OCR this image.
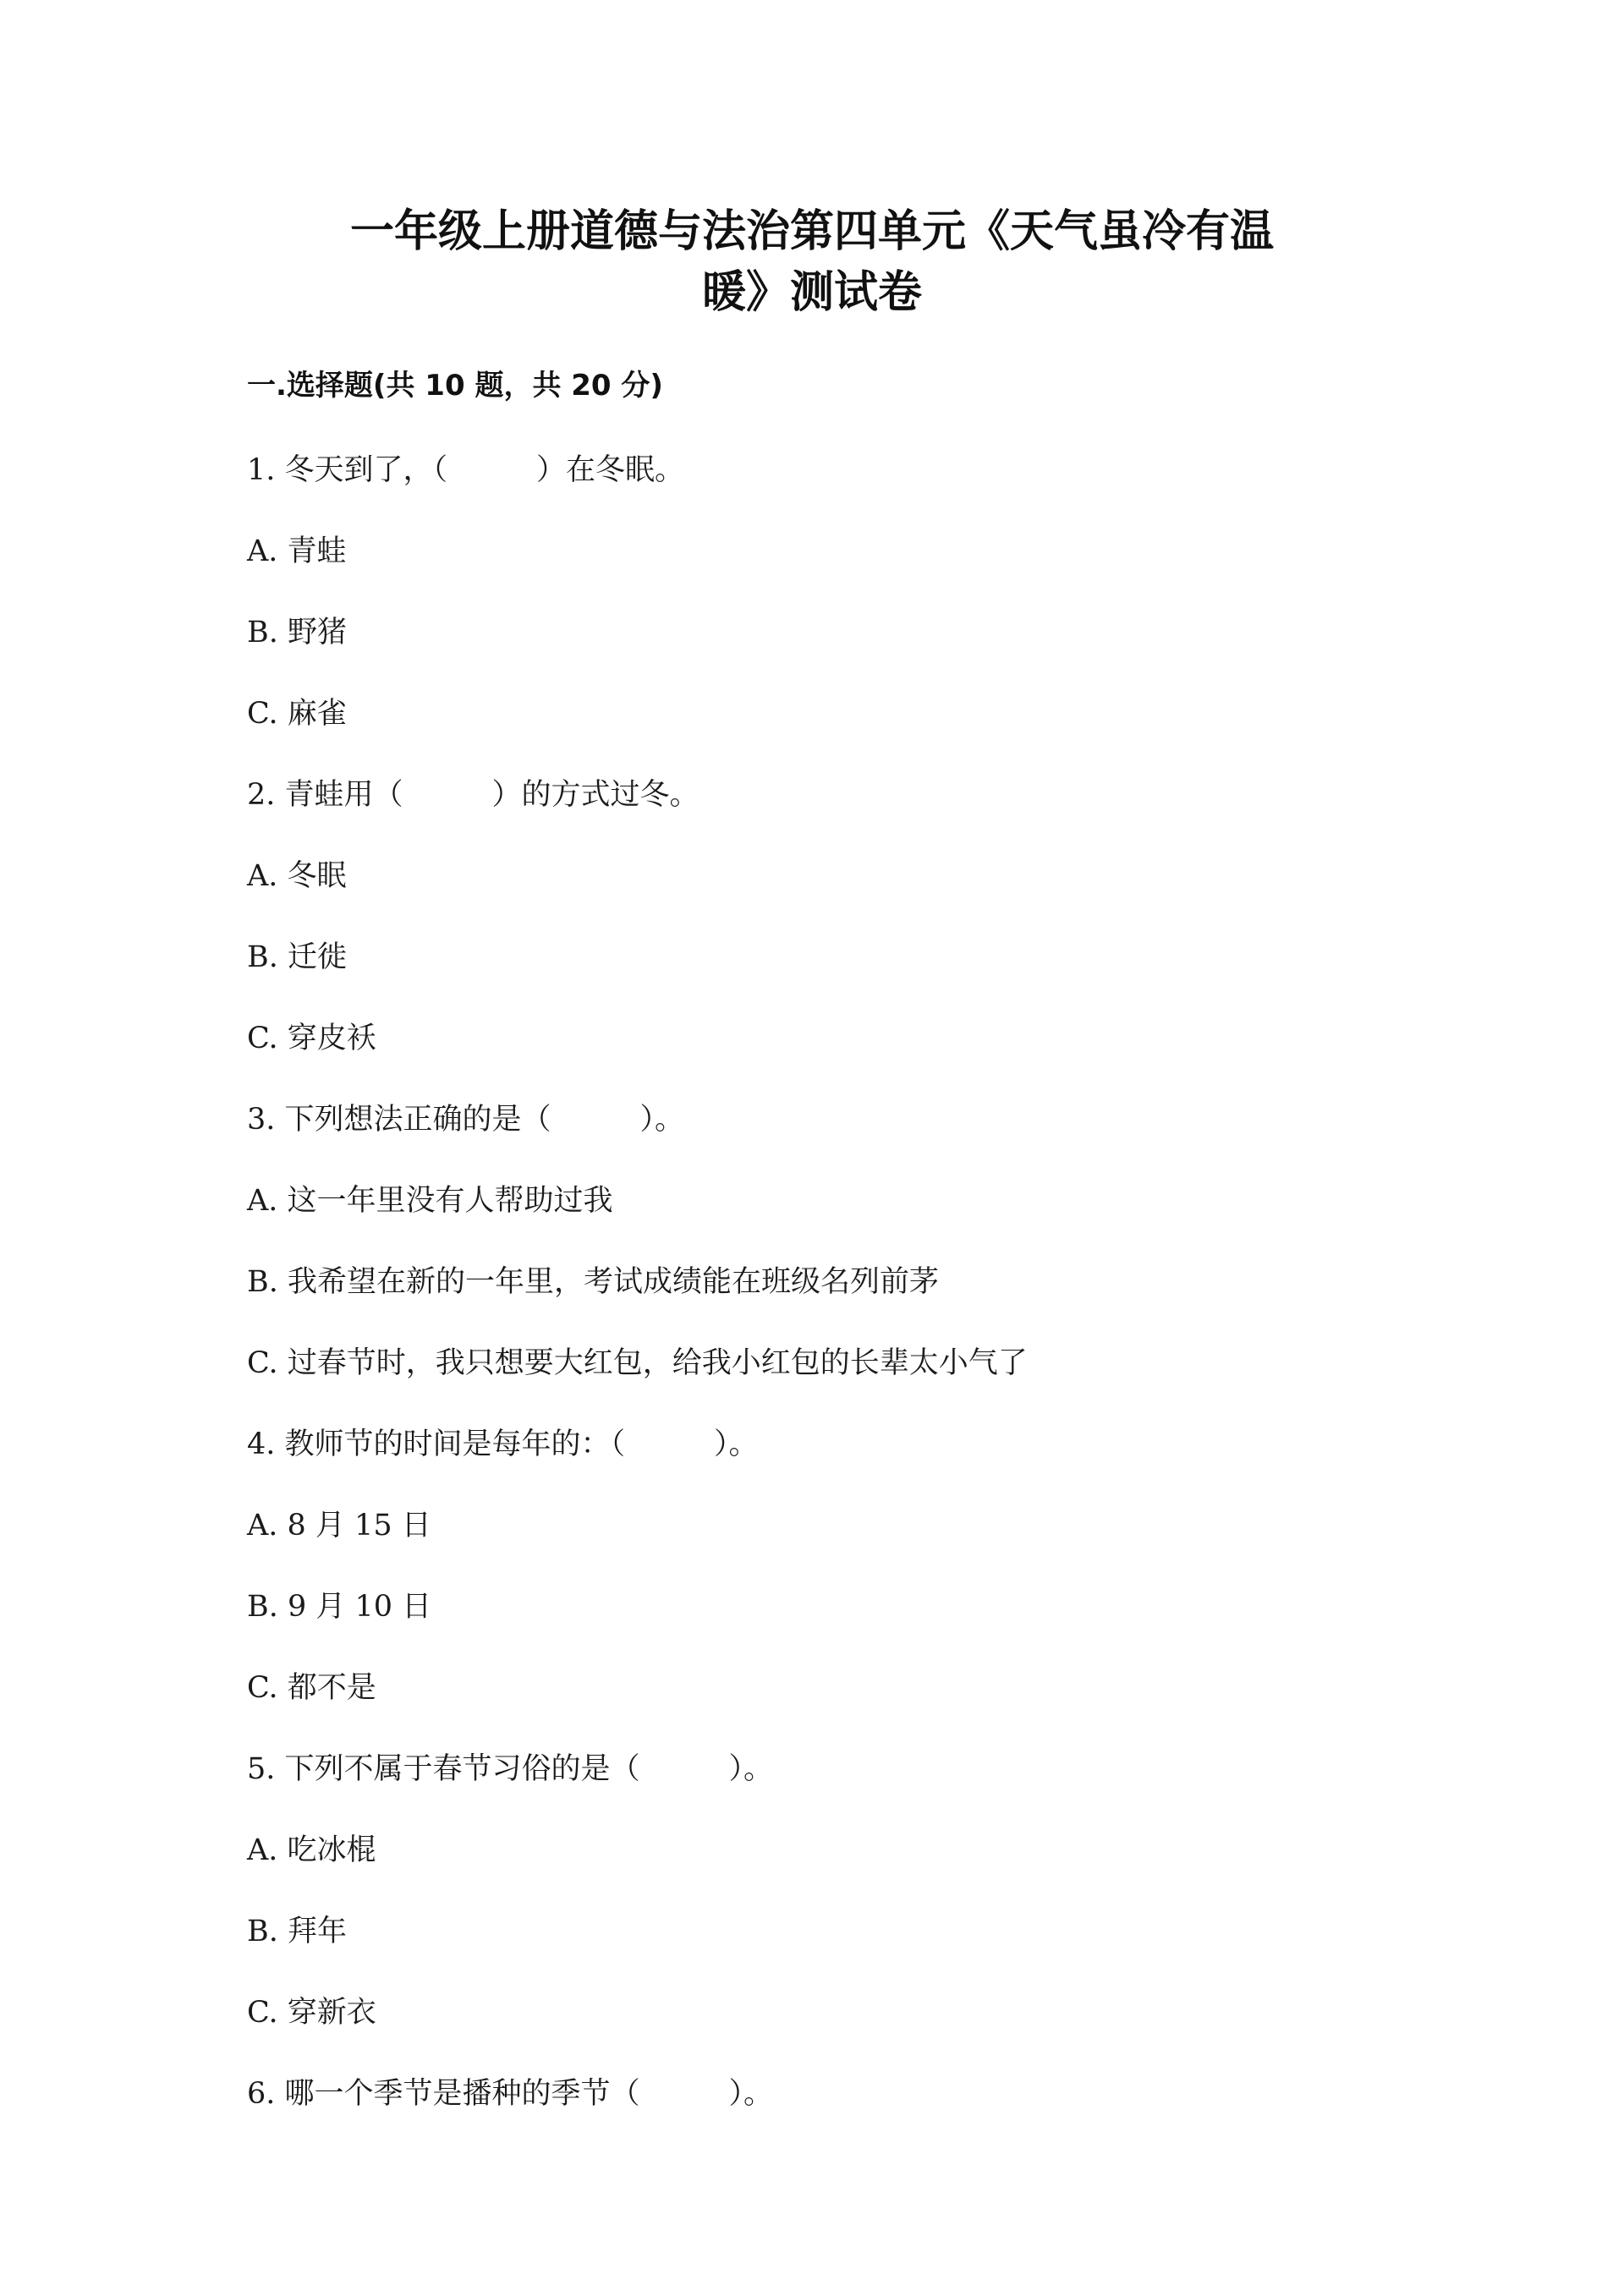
一年级上册道德与法治第四单元《天气虽冷有温
暖》测试卷
一.选择题(共 10 题，共 20 分)
1. 冬天到了，（　　　）在冬眠。
A. 青蛙
B. 野猪
C. 麻雀
2. 青蛙用（　　　）的方式过冬。
A. 冬眠
B. 迁徙
C. 穿皮袄
3. 下列想法正确的是（　　　）。
A. 这一年里没有人帮助过我
B. 我希望在新的一年里，考试成绩能在班级名列前茅
C. 过春节时，我只想要大红包，给我小红包的长辈太小气了
4. 教师节的时间是每年的：（　　　）。
A. 8 月 15 日
B. 9 月 10 日
C. 都不是
5. 下列不属于春节习俗的是（　　　）。
A. 吃冰棍
B. 拜年
C. 穿新衣
6. 哪一个季节是播种的季节（　　　）。
